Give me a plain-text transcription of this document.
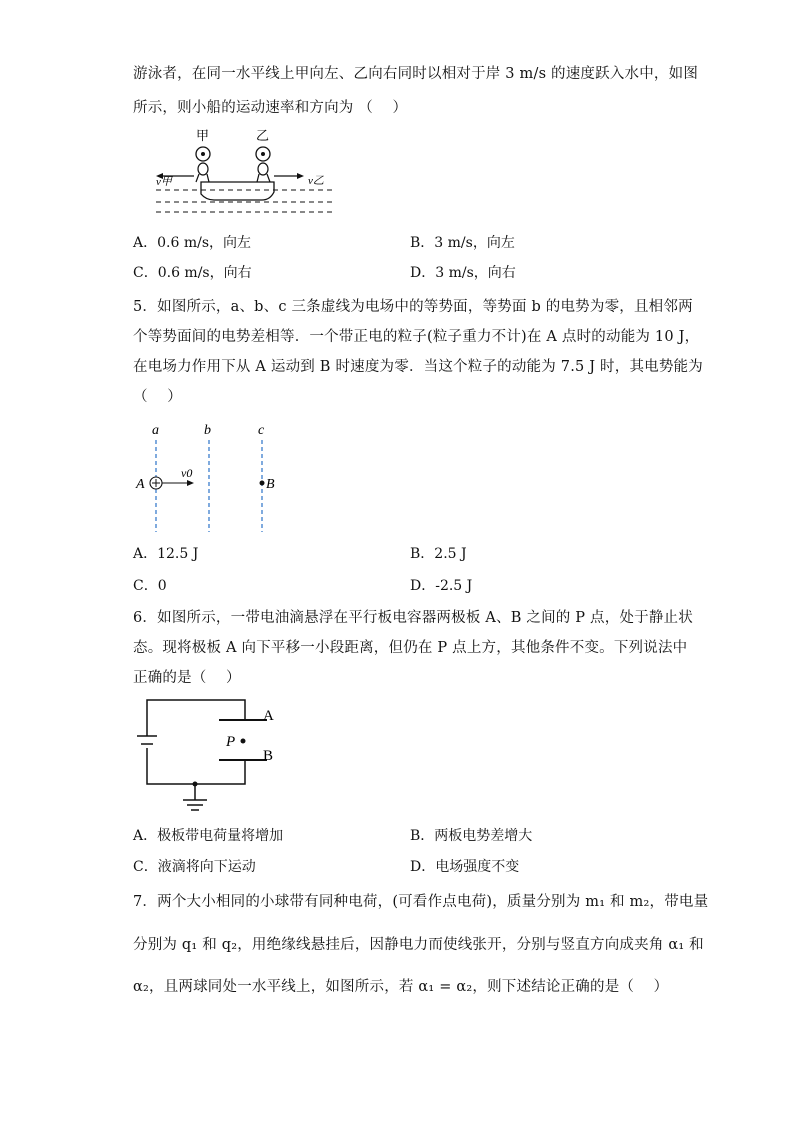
游泳者，在同一水平线上甲向左、乙向右同时以相对于岸 3 m/s 的速度跃入水中，如图
所示，则小船的运动速率和方向为 （　 ）
甲	乙
v甲	v乙
A．0.6 m/s，向左	B．3 m/s，向左
C．0.6 m/s，向右	D．3 m/s，向右
5．如图所示，a、b、c 三条虚线为电场中的等势面，等势面 b 的电势为零，且相邻两
个等势面间的电势差相等．一个带正电的粒子(粒子重力不计)在 A 点时的动能为 10 J，
在电场力作用下从 A 运动到 B 时速度为零．当这个粒子的动能为 7.5 J 时，其电势能为
（　 ）
a	b	c
A
v0
B
A．12.5 J	B．2.5 J
C．0	D．-2.5 J
6．如图所示，一带电油滴悬浮在平行板电容器两极板 A、B 之间的 P 点，处于静止状
态。现将极板 A 向下平移一小段距离，但仍在 P 点上方，其他条件不变。下列说法中
正确的是（　 ）
A
B
P
A．极板带电荷量将增加	B．两板电势差增大
C．液滴将向下运动	D．电场强度不变
7．两个大小相同的小球带有同种电荷，(可看作点电荷)，质量分别为 m₁ 和 m₂，带电量
分别为 q₁ 和 q₂，用绝缘线悬挂后，因静电力而使线张开，分别与竖直方向成夹角 α₁ 和
α₂，且两球同处一水平线上，如图所示，若 α₁ = α₂，则下述结论正确的是（　 ）
